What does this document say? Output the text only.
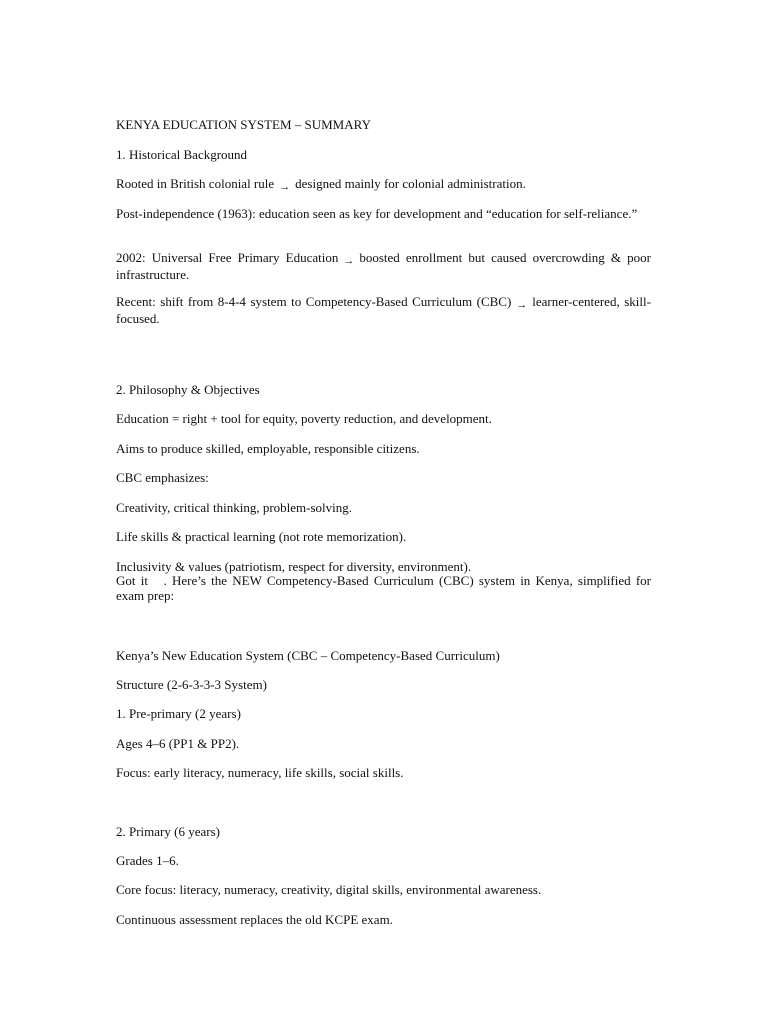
KENYA EDUCATION SYSTEM – SUMMARY

1. Historical Background

Rooted in British colonial rule → designed mainly for colonial administration.

Post-independence (1963): education seen as key for development and “education for self-reliance.”

2002: Universal Free Primary Education → boosted enrollment but caused overcrowding & poor infrastructure.

Recent: shift from 8-4-4 system to Competency-Based Curriculum (CBC) → learner-centered, skill-focused.

2. Philosophy & Objectives

Education = right + tool for equity, poverty reduction, and development.

Aims to produce skilled, employable, responsible citizens.

CBC emphasizes:

Creativity, critical thinking, problem-solving.

Life skills & practical learning (not rote memorization).

Inclusivity & values (patriotism, respect for diversity, environment).

Got it   . Here’s the NEW Competency-Based Curriculum (CBC) system in Kenya, simplified for exam prep:

Kenya’s New Education System (CBC – Competency-Based Curriculum)

Structure (2-6-3-3-3 System)

1. Pre-primary (2 years)

Ages 4–6 (PP1 & PP2).

Focus: early literacy, numeracy, life skills, social skills.

2. Primary (6 years)

Grades 1–6.

Core focus: literacy, numeracy, creativity, digital skills, environmental awareness.

Continuous assessment replaces the old KCPE exam.
